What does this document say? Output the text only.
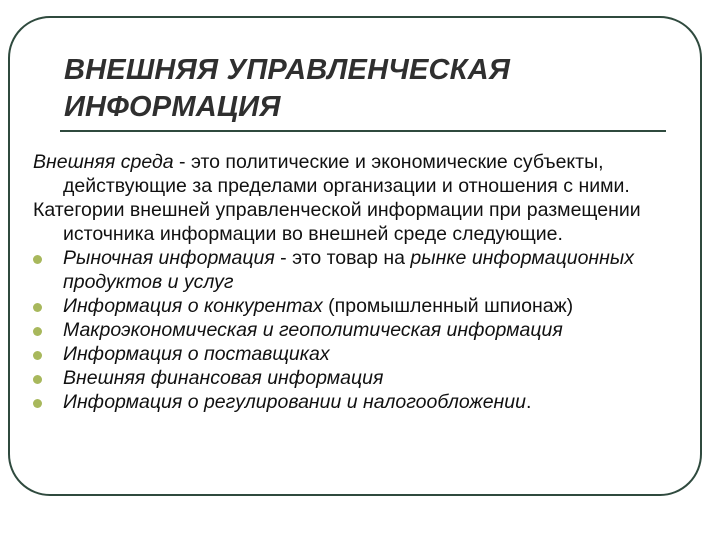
ВНЕШНЯЯ УПРАВЛЕНЧЕСКАЯ
ИНФОРМАЦИЯ

Внешняя среда - это политические и экономические субъекты, действующие за пределами организации и отношения с ними.

Категории внешней управленческой информации при размещении источника информации во внешней среде следующие.

Рыночная информация - это товар на рынке информационных продуктов и услуг
Информация о конкурентах (промышленный шпионаж)
Макроэкономическая и геополитическая информация
Информация о поставщиках
Внешняя финансовая информация
Информация о регулировании и налогообложении.
